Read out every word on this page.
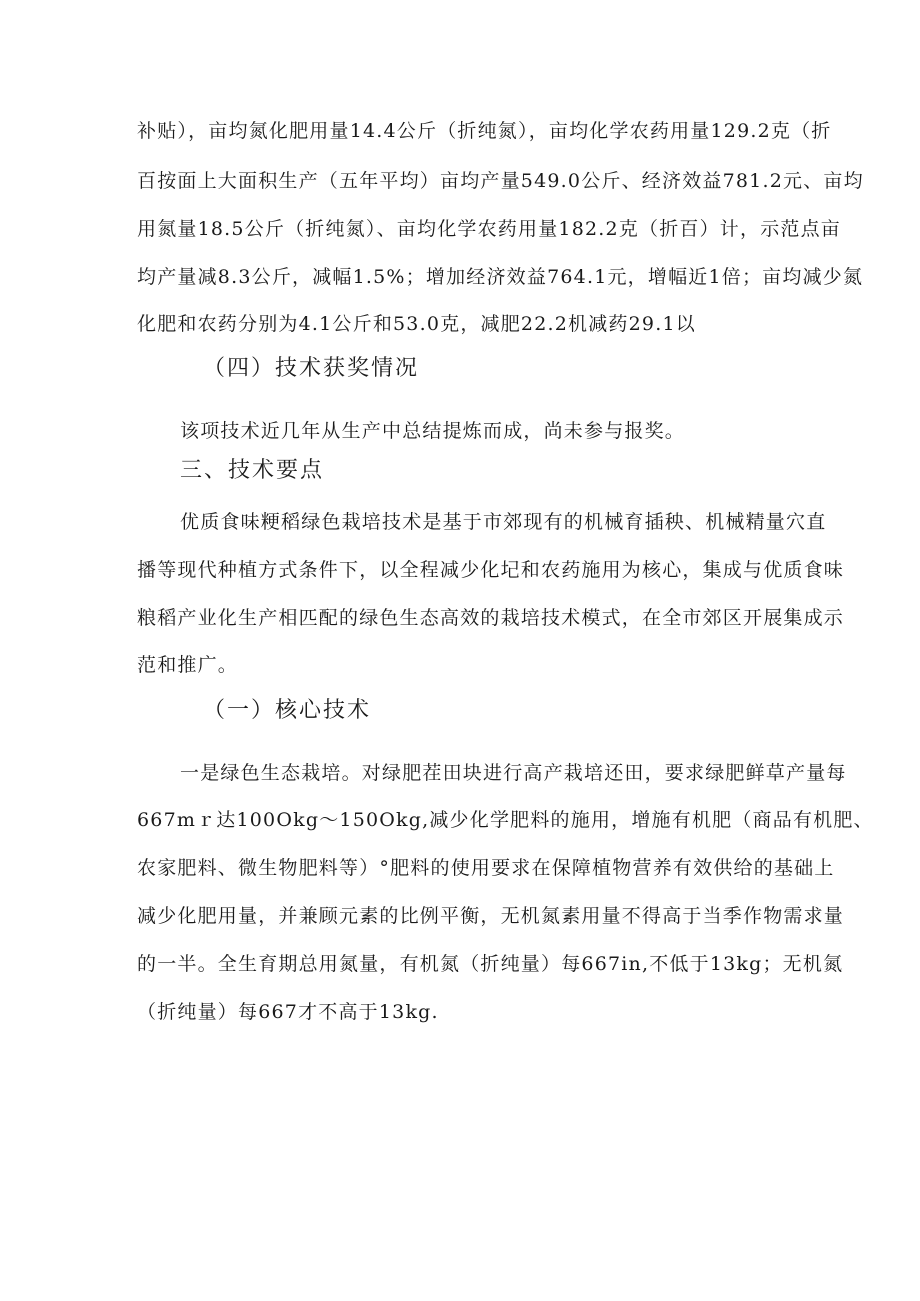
补贴），亩均氮化肥用量14.4公斤（折纯氮），亩均化学农药用量129.2克（折
百按面上大面积生产（五年平均）亩均产量549.0公斤、经济效益781.2元、亩均
用氮量18.5公斤（折纯氮）、亩均化学农药用量182.2克（折百）计，示范点亩
均产量减8.3公斤，减幅1.5%；增加经济效益764.1元，增幅近1倍；亩均减少氮
化肥和农药分别为4.1公斤和53.0克，减肥22.2机减药29.1以
（四）技术获奖情况
该项技术近几年从生产中总结提炼而成，尚未参与报奖。
三、技术要点
优质食味粳稻绿色栽培技术是基于市郊现有的机械育插秧、机械精量穴直
播等现代种植方式条件下，以全程减少化圮和农药施用为核心，集成与优质食味
粮稻产业化生产相匹配的绿色生态高效的栽培技术模式，在全市郊区开展集成示
范和推广。
（一）核心技术
一是绿色生态栽培。对绿肥茬田块进行高产栽培还田，要求绿肥鲜草产量每
667mｒ达100Okg～150Okg,减少化学肥料的施用，增施有机肥（商品有机肥、
农家肥料、微生物肥料等）°肥料的使用要求在保障植物营养有效供给的基础上
减少化肥用量，并兼顾元素的比例平衡，无机氮素用量不得高于当季作物需求量
的一半。全生育期总用氮量，有机氮（折纯量）每667in,不低于13kg；无机氮
（折纯量）每667才不高于13kg.
